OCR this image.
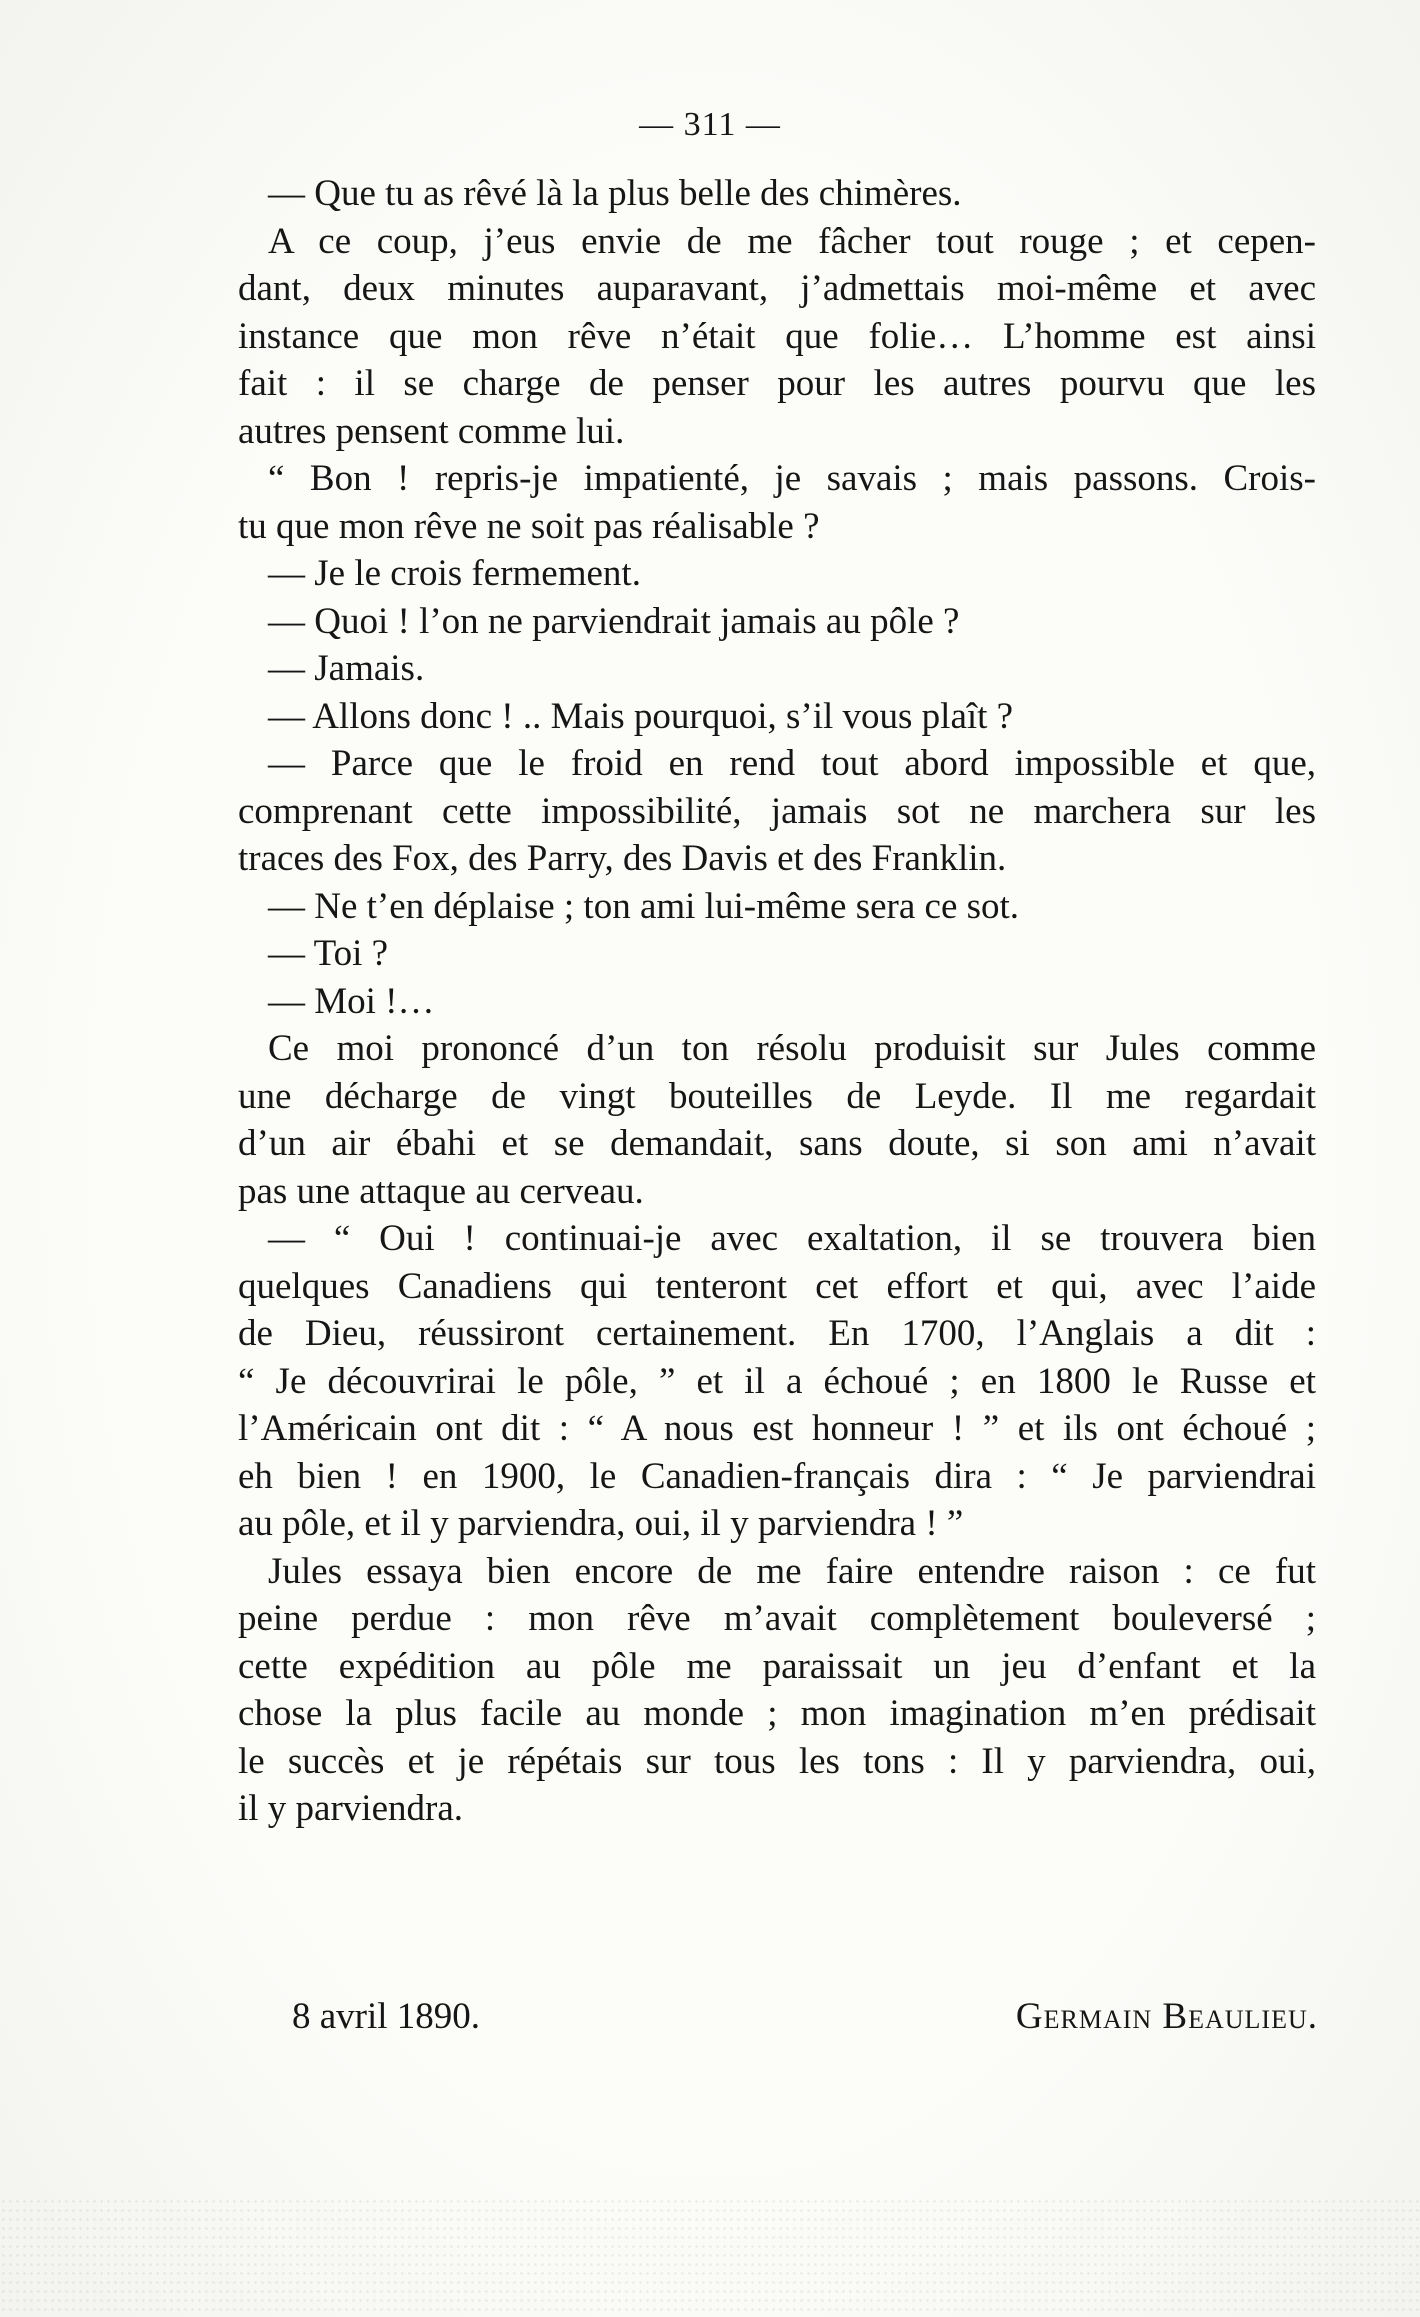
— 311 —
— Que tu as rêvé là la plus belle des chimères.
A ce coup, j’eus envie de me fâcher tout rouge ; et cepen-
dant, deux minutes auparavant, j’admettais moi-même et avec
instance que mon rêve n’était que folie… L’homme est ainsi
fait : il se charge de penser pour les autres pourvu que les
autres pensent comme lui.
“ Bon ! repris-je impatienté, je savais ; mais passons. Crois-
tu que mon rêve ne soit pas réalisable ?
— Je le crois fermement.
— Quoi ! l’on ne parviendrait jamais au pôle ?
— Jamais.
— Allons donc ! .. Mais pourquoi, s’il vous plaît ?
— Parce que le froid en rend tout abord impossible et que,
comprenant cette impossibilité, jamais sot ne marchera sur les
traces des Fox, des Parry, des Davis et des Franklin.
— Ne t’en déplaise ; ton ami lui-même sera ce sot.
— Toi ?
— Moi !…
Ce moi prononcé d’un ton résolu produisit sur Jules comme
une décharge de vingt bouteilles de Leyde. Il me regardait
d’un air ébahi et se demandait, sans doute, si son ami n’avait
pas une attaque au cerveau.
— “ Oui ! continuai-je avec exaltation, il se trouvera bien
quelques Canadiens qui tenteront cet effort et qui, avec l’aide
de Dieu, réussiront certainement. En 1700, l’Anglais a dit :
“ Je découvrirai le pôle, ” et il a échoué ; en 1800 le Russe et
l’Américain ont dit : “ A nous est honneur ! ” et ils ont échoué ;
eh bien ! en 1900, le Canadien-français dira : “ Je parviendrai
au pôle, et il y parviendra, oui, il y parviendra ! ”
Jules essaya bien encore de me faire entendre raison : ce fut
peine perdue : mon rêve m’avait complètement bouleversé ;
cette expédition au pôle me paraissait un jeu d’enfant et la
chose la plus facile au monde ; mon imagination m’en prédisait
le succès et je répétais sur tous les tons : Il y parviendra, oui,
il y parviendra.
8 avril 1890.	Germain Beaulieu.
